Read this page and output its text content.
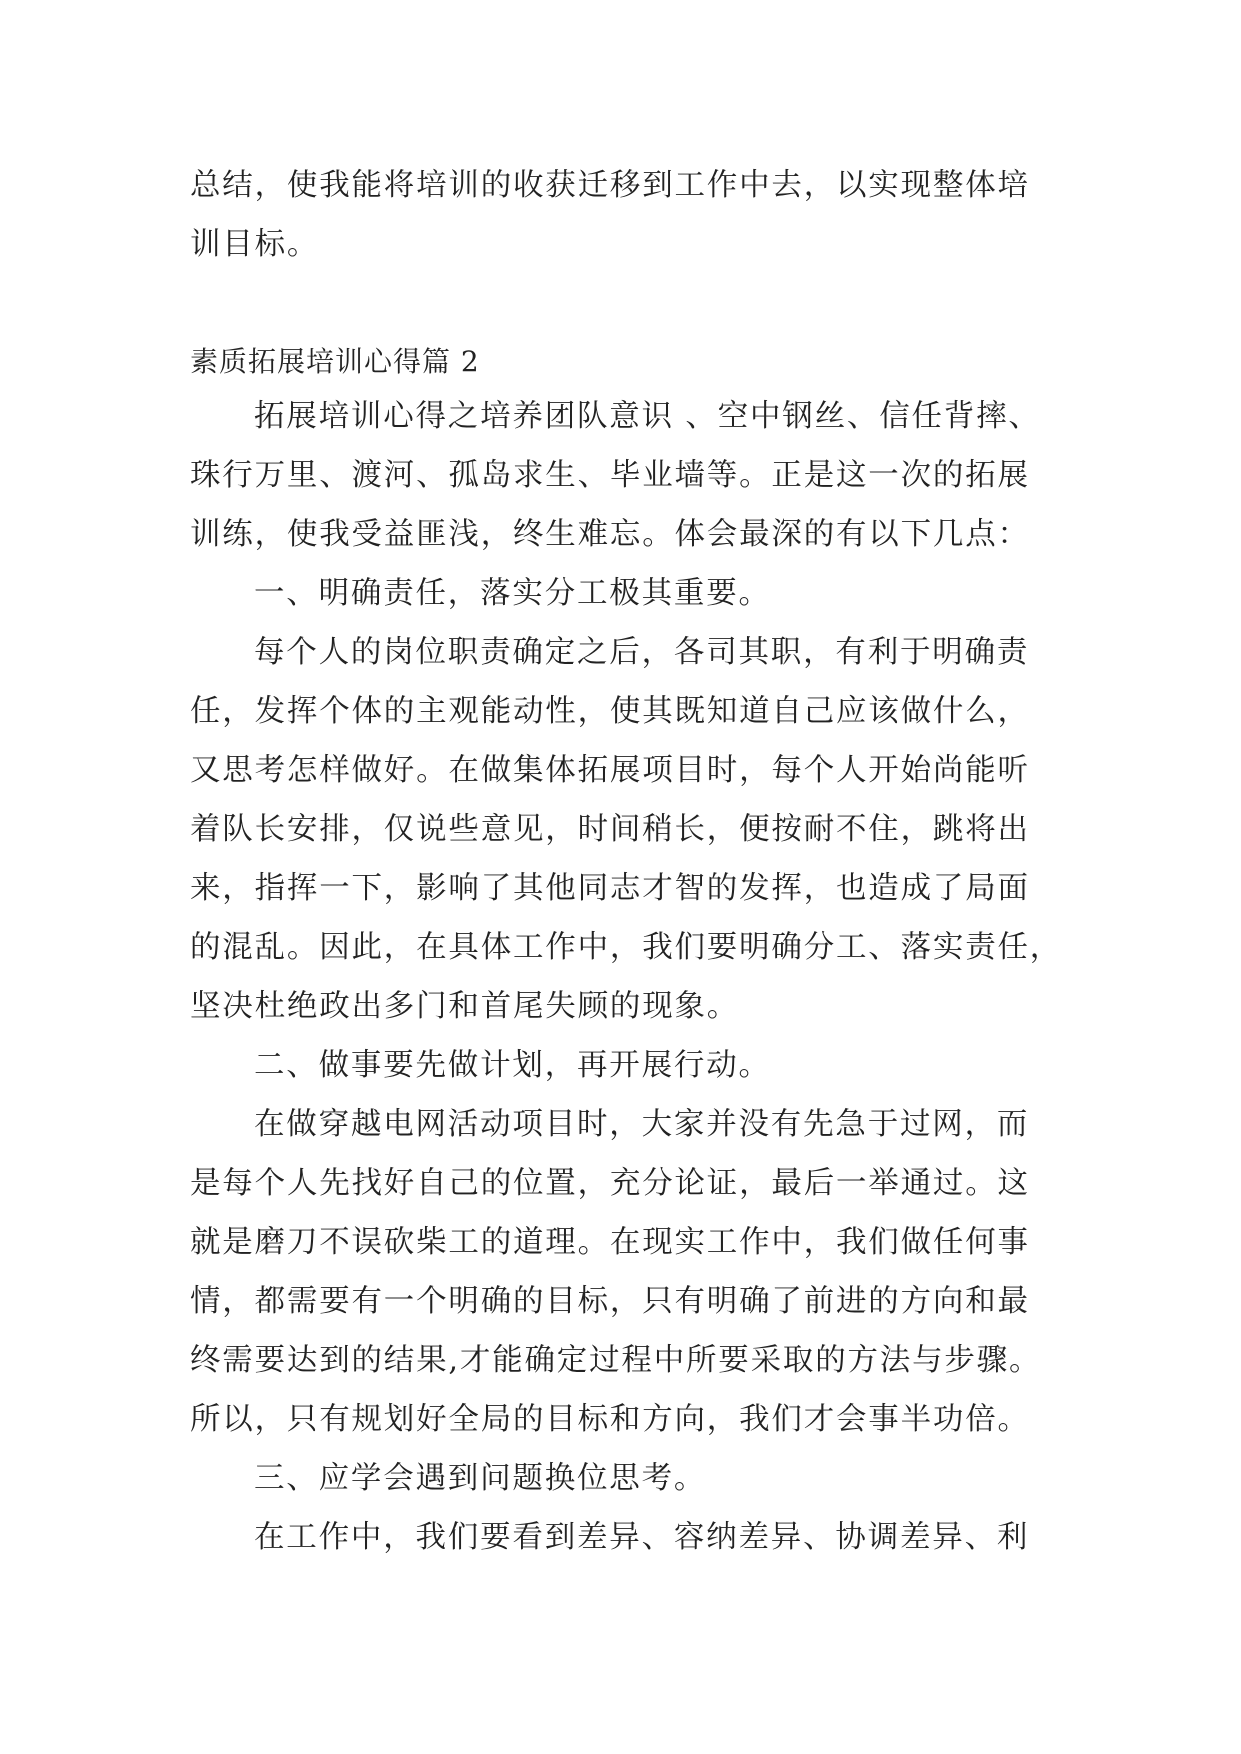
总结，使我能将培训的收获迁移到工作中去，以实现整体培
训目标。
素质拓展培训心得篇 2
拓展培训心得之培养团队意识 、空中钢丝、信任背摔、
珠行万里、渡河、孤岛求生、毕业墙等。正是这一次的拓展
训练，使我受益匪浅，终生难忘。体会最深的有以下几点：
一、明确责任，落实分工极其重要。
每个人的岗位职责确定之后，各司其职，有利于明确责
任，发挥个体的主观能动性，使其既知道自己应该做什么，
又思考怎样做好。在做集体拓展项目时，每个人开始尚能听
着队长安排，仅说些意见，时间稍长，便按耐不住，跳将出
来，指挥一下，影响了其他同志才智的发挥，也造成了局面
的混乱。因此，在具体工作中，我们要明确分工、落实责任，
坚决杜绝政出多门和首尾失顾的现象。
二、做事要先做计划，再开展行动。
在做穿越电网活动项目时，大家并没有先急于过网，而
是每个人先找好自己的位置，充分论证，最后一举通过。这
就是磨刀不误砍柴工的道理。在现实工作中，我们做任何事
情，都需要有一个明确的目标，只有明确了前进的方向和最
终需要达到的结果,才能确定过程中所要采取的方法与步骤。
所以，只有规划好全局的目标和方向，我们才会事半功倍。
三、应学会遇到问题换位思考。
在工作中，我们要看到差异、容纳差异、协调差异、利
